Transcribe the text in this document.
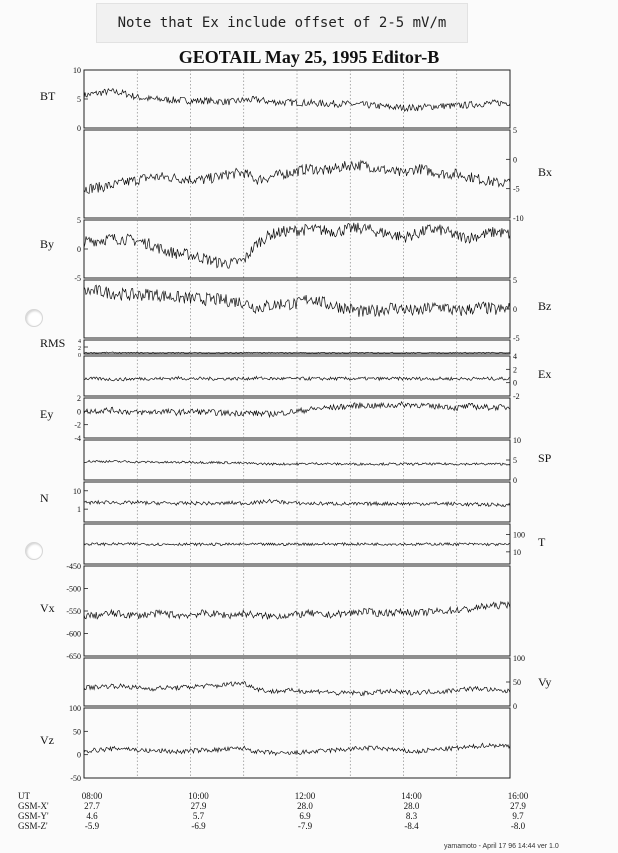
Note that Ex include offset of 2-5 mV/m
GEOTAIL May 25, 1995 Editor-B
10
5
0
BT
5
0
-5
-10
Bx
5
0
-5
By
5
0
-5
Bz
4
2
0
RMS
4
2
0
-2
Ex
2
0
-2
-4
Ey
10
5
0
SP
10
1
N
100
10
T
-450
-500
-550
-600
-650
Vx
100
50
0
Vy
100
50
0
-50
Vz
UT
GSM-X'
GSM-Y'
GSM-Z'
08:00
27.7
4.6
-5.9
10:00
27.9
5.7
-6.9
12:00
28.0
6.9
-7.9
14:00
28.0
8.3
-8.4
16:00
27.9
9.7
-8.0
yamamoto - April 17 96 14:44 ver 1.0
